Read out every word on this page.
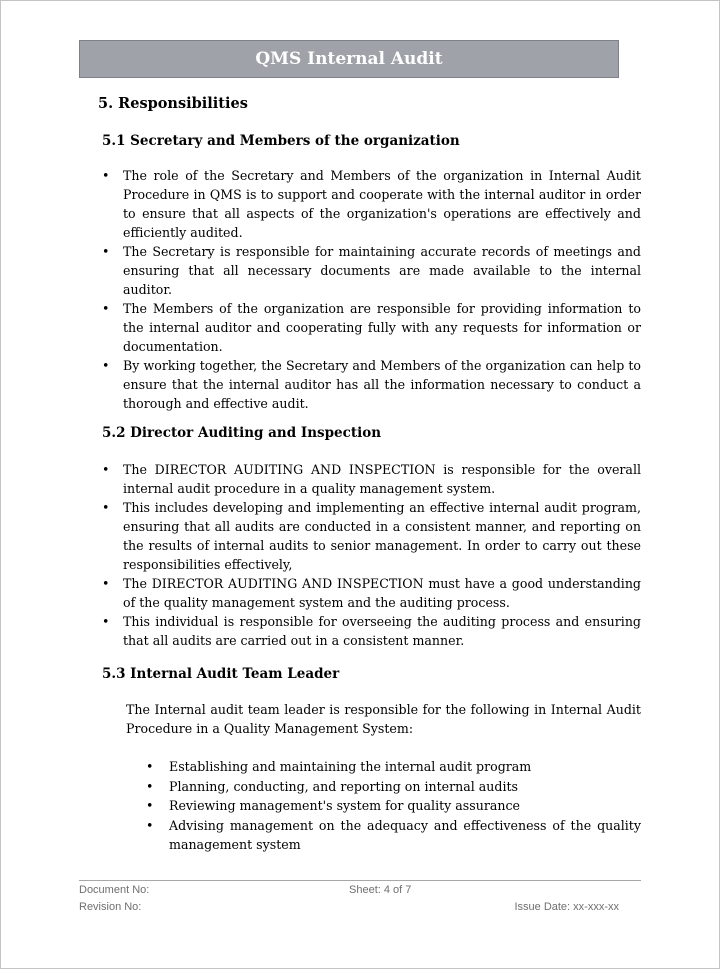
QMS Internal Audit
5. Responsibilities
5.1 Secretary and Members of the organization
•	The role of the Secretary and Members of the organization in Internal Audit Procedure in QMS is to support and cooperate with the internal auditor in order to ensure that all aspects of the organization's operations are effectively and efficiently audited.
•	The Secretary is responsible for maintaining accurate records of meetings and ensuring that all necessary documents are made available to the internal auditor.
•	The Members of the organization are responsible for providing information to the internal auditor and cooperating fully with any requests for information or documentation.
•	By working together, the Secretary and Members of the organization can help to ensure that the internal auditor has all the information necessary to conduct a thorough and effective audit.
5.2 Director Auditing and Inspection
•	The DIRECTOR AUDITING AND INSPECTION is responsible for the overall internal audit procedure in a quality management system.
•	This includes developing and implementing an effective internal audit program, ensuring that all audits are conducted in a consistent manner, and reporting on the results of internal audits to senior management. In order to carry out these responsibilities effectively,
•	The DIRECTOR AUDITING AND INSPECTION must have a good understanding of the quality management system and the auditing process.
•	This individual is responsible for overseeing the auditing process and ensuring that all audits are carried out in a consistent manner.
5.3 Internal Audit Team Leader
The Internal audit team leader is responsible for the following in Internal Audit Procedure in a Quality Management System:
• Establishing and maintaining the internal audit program
• Planning, conducting, and reporting on internal audits
• Reviewing management's system for quality assurance
• Advising management on the adequacy and effectiveness of the quality management system
Document No:	Sheet: 4 of 7
Revision No:	Issue Date: xx-xxx-xx
